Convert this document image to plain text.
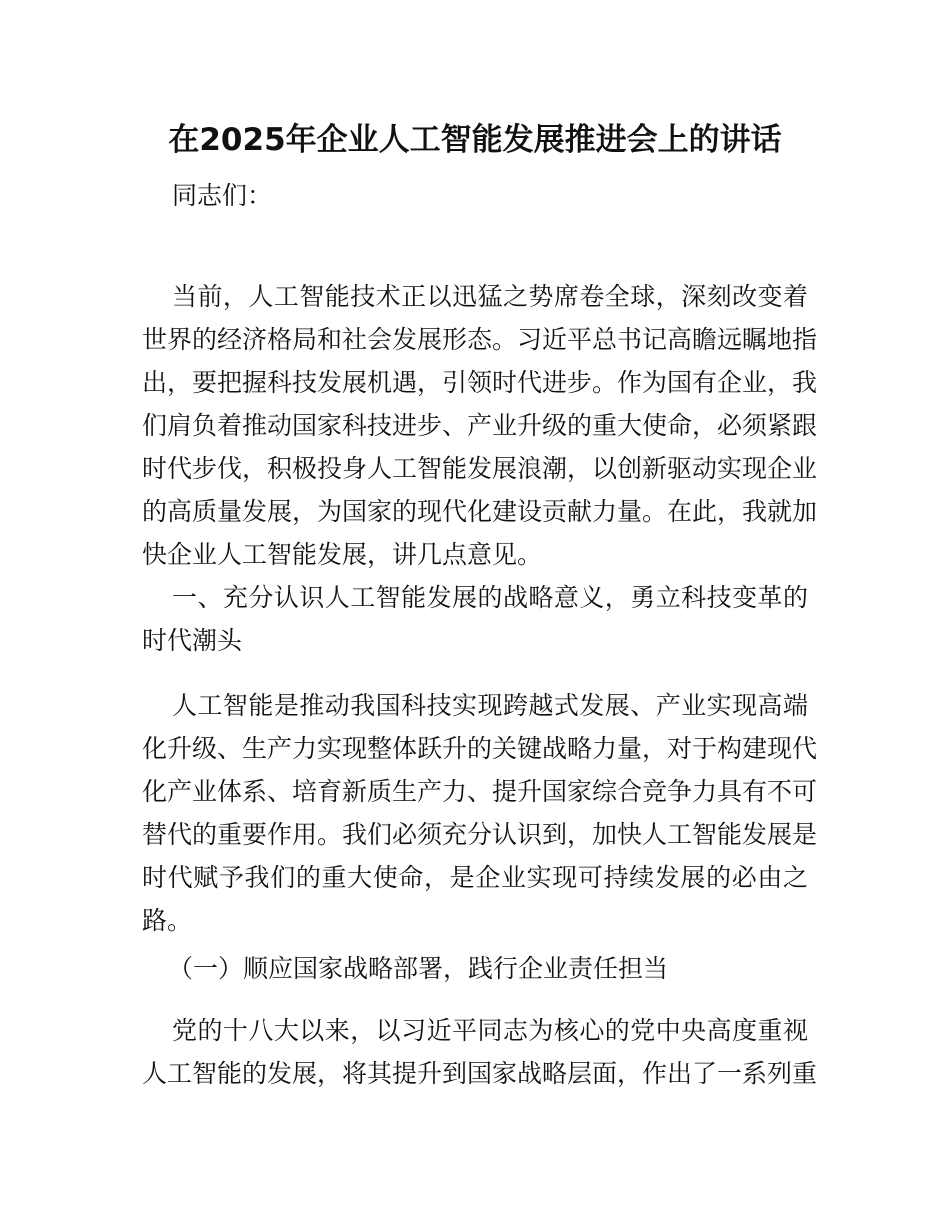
在2025年企业人工智能发展推进会上的讲话
同志们：
当前，人工智能技术正以迅猛之势席卷全球，深刻改变着
世界的经济格局和社会发展形态。习近平总书记高瞻远瞩地指
出，要把握科技发展机遇，引领时代进步。作为国有企业，我
们肩负着推动国家科技进步、产业升级的重大使命，必须紧跟
时代步伐，积极投身人工智能发展浪潮，以创新驱动实现企业
的高质量发展，为国家的现代化建设贡献力量。在此，我就加
快企业人工智能发展，讲几点意见。
一、充分认识人工智能发展的战略意义，勇立科技变革的
时代潮头
人工智能是推动我国科技实现跨越式发展、产业实现高端
化升级、生产力实现整体跃升的关键战略力量，对于构建现代
化产业体系、培育新质生产力、提升国家综合竞争力具有不可
替代的重要作用。我们必须充分认识到，加快人工智能发展是
时代赋予我们的重大使命，是企业实现可持续发展的必由之
路。
（一）顺应国家战略部署，践行企业责任担当
党的十八大以来，以习近平同志为核心的党中央高度重视
人工智能的发展，将其提升到国家战略层面，作出了一系列重
